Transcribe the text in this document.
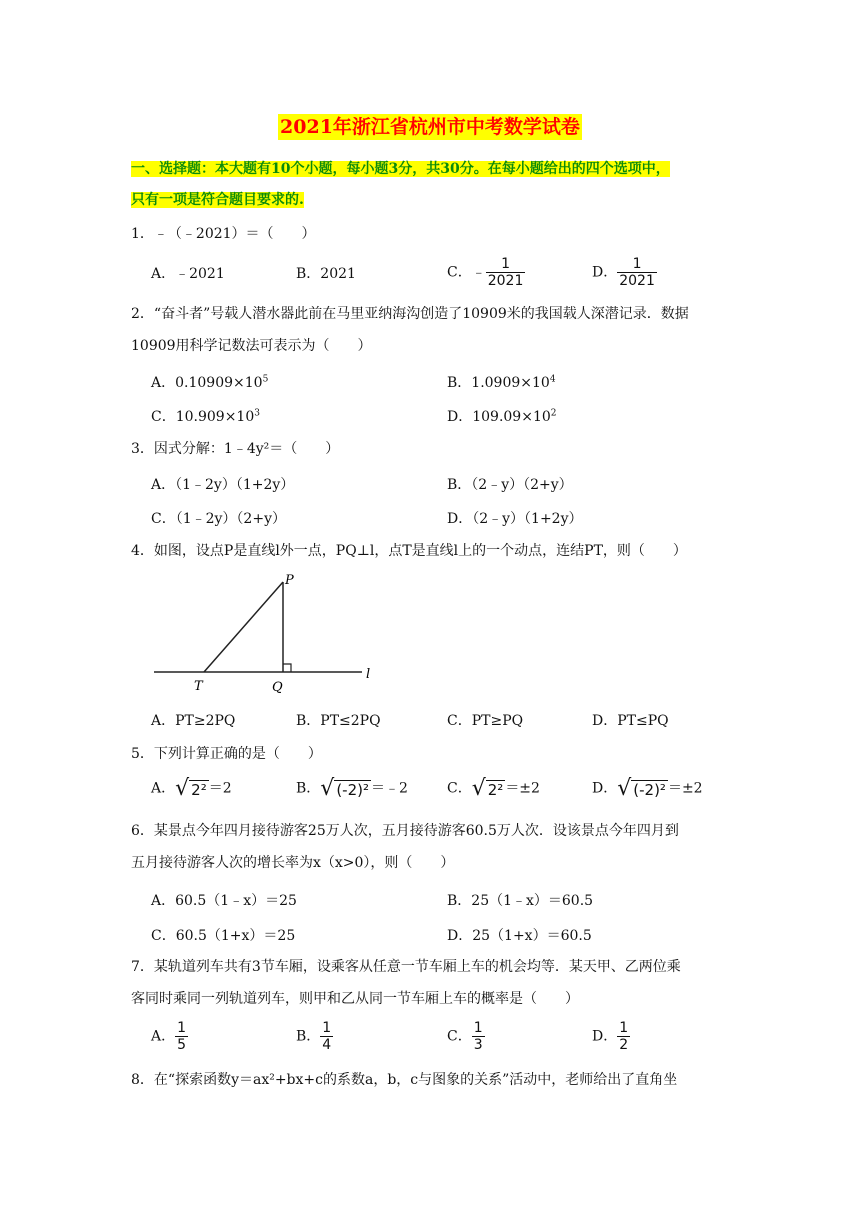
2021年浙江省杭州市中考数学试卷
一、选择题：本大题有10个小题，每小题3分，共30分。在每小题给出的四个选项中，
只有一项是符合题目要求的.
1．﹣（﹣2021）＝（　　）
A．﹣2021	B．2021	C．﹣ $\frac{1}{2021}$	D． $\frac{1}{2021}$
2．“奋斗者”号载人潜水器此前在马里亚纳海沟创造了10909米的我国载人深潜记录．数据
10909用科学记数法可表示为（　　）
A．$0.10909\times 10^5$	B．$1.0909\times 10^4$
C．$10.909\times 10^3$	D．$109.09\times 10^2$
3．因式分解：1﹣4y²＝（　　）
A．（1﹣2y）（1+2y）	B．（2﹣y）（2+y）
C．（1﹣2y）（2+y）	D．（2﹣y）（1+2y）
4．如图，设点P是直线l外一点，PQ⊥l，点T是直线l上的一个动点，连结PT，则（　　）
P
T	Q
l
A．PT≥2PQ	B．PT≤2PQ	C．PT≥PQ	D．PT≤PQ
5．下列计算正确的是（　　）
A．√ 2² ＝2	B．√ (-2)² ＝﹣2	C．√ 2² ＝±2	D．√ (-2)² ＝±2
6．某景点今年四月接待游客25万人次，五月接待游客60.5万人次．设该景点今年四月到
五月接待游客人次的增长率为x（x>0），则（　　）
A．60.5（1﹣x）＝25	B．25（1﹣x）＝60.5
C．60.5（1+x）＝25	D．25（1+x）＝60.5
7．某轨道列车共有3节车厢，设乘客从任意一节车厢上车的机会均等．某天甲、乙两位乘
客同时乘同一列轨道列车，则甲和乙从同一节车厢上车的概率是（　　）
A． $\frac{1}{5}$	B． $\frac{1}{4}$	C． $\frac{1}{3}$	D． $\frac{1}{2}$
8．在“探索函数y＝ax²+bx+c的系数a，b，c与图象的关系”活动中，老师给出了直角坐
